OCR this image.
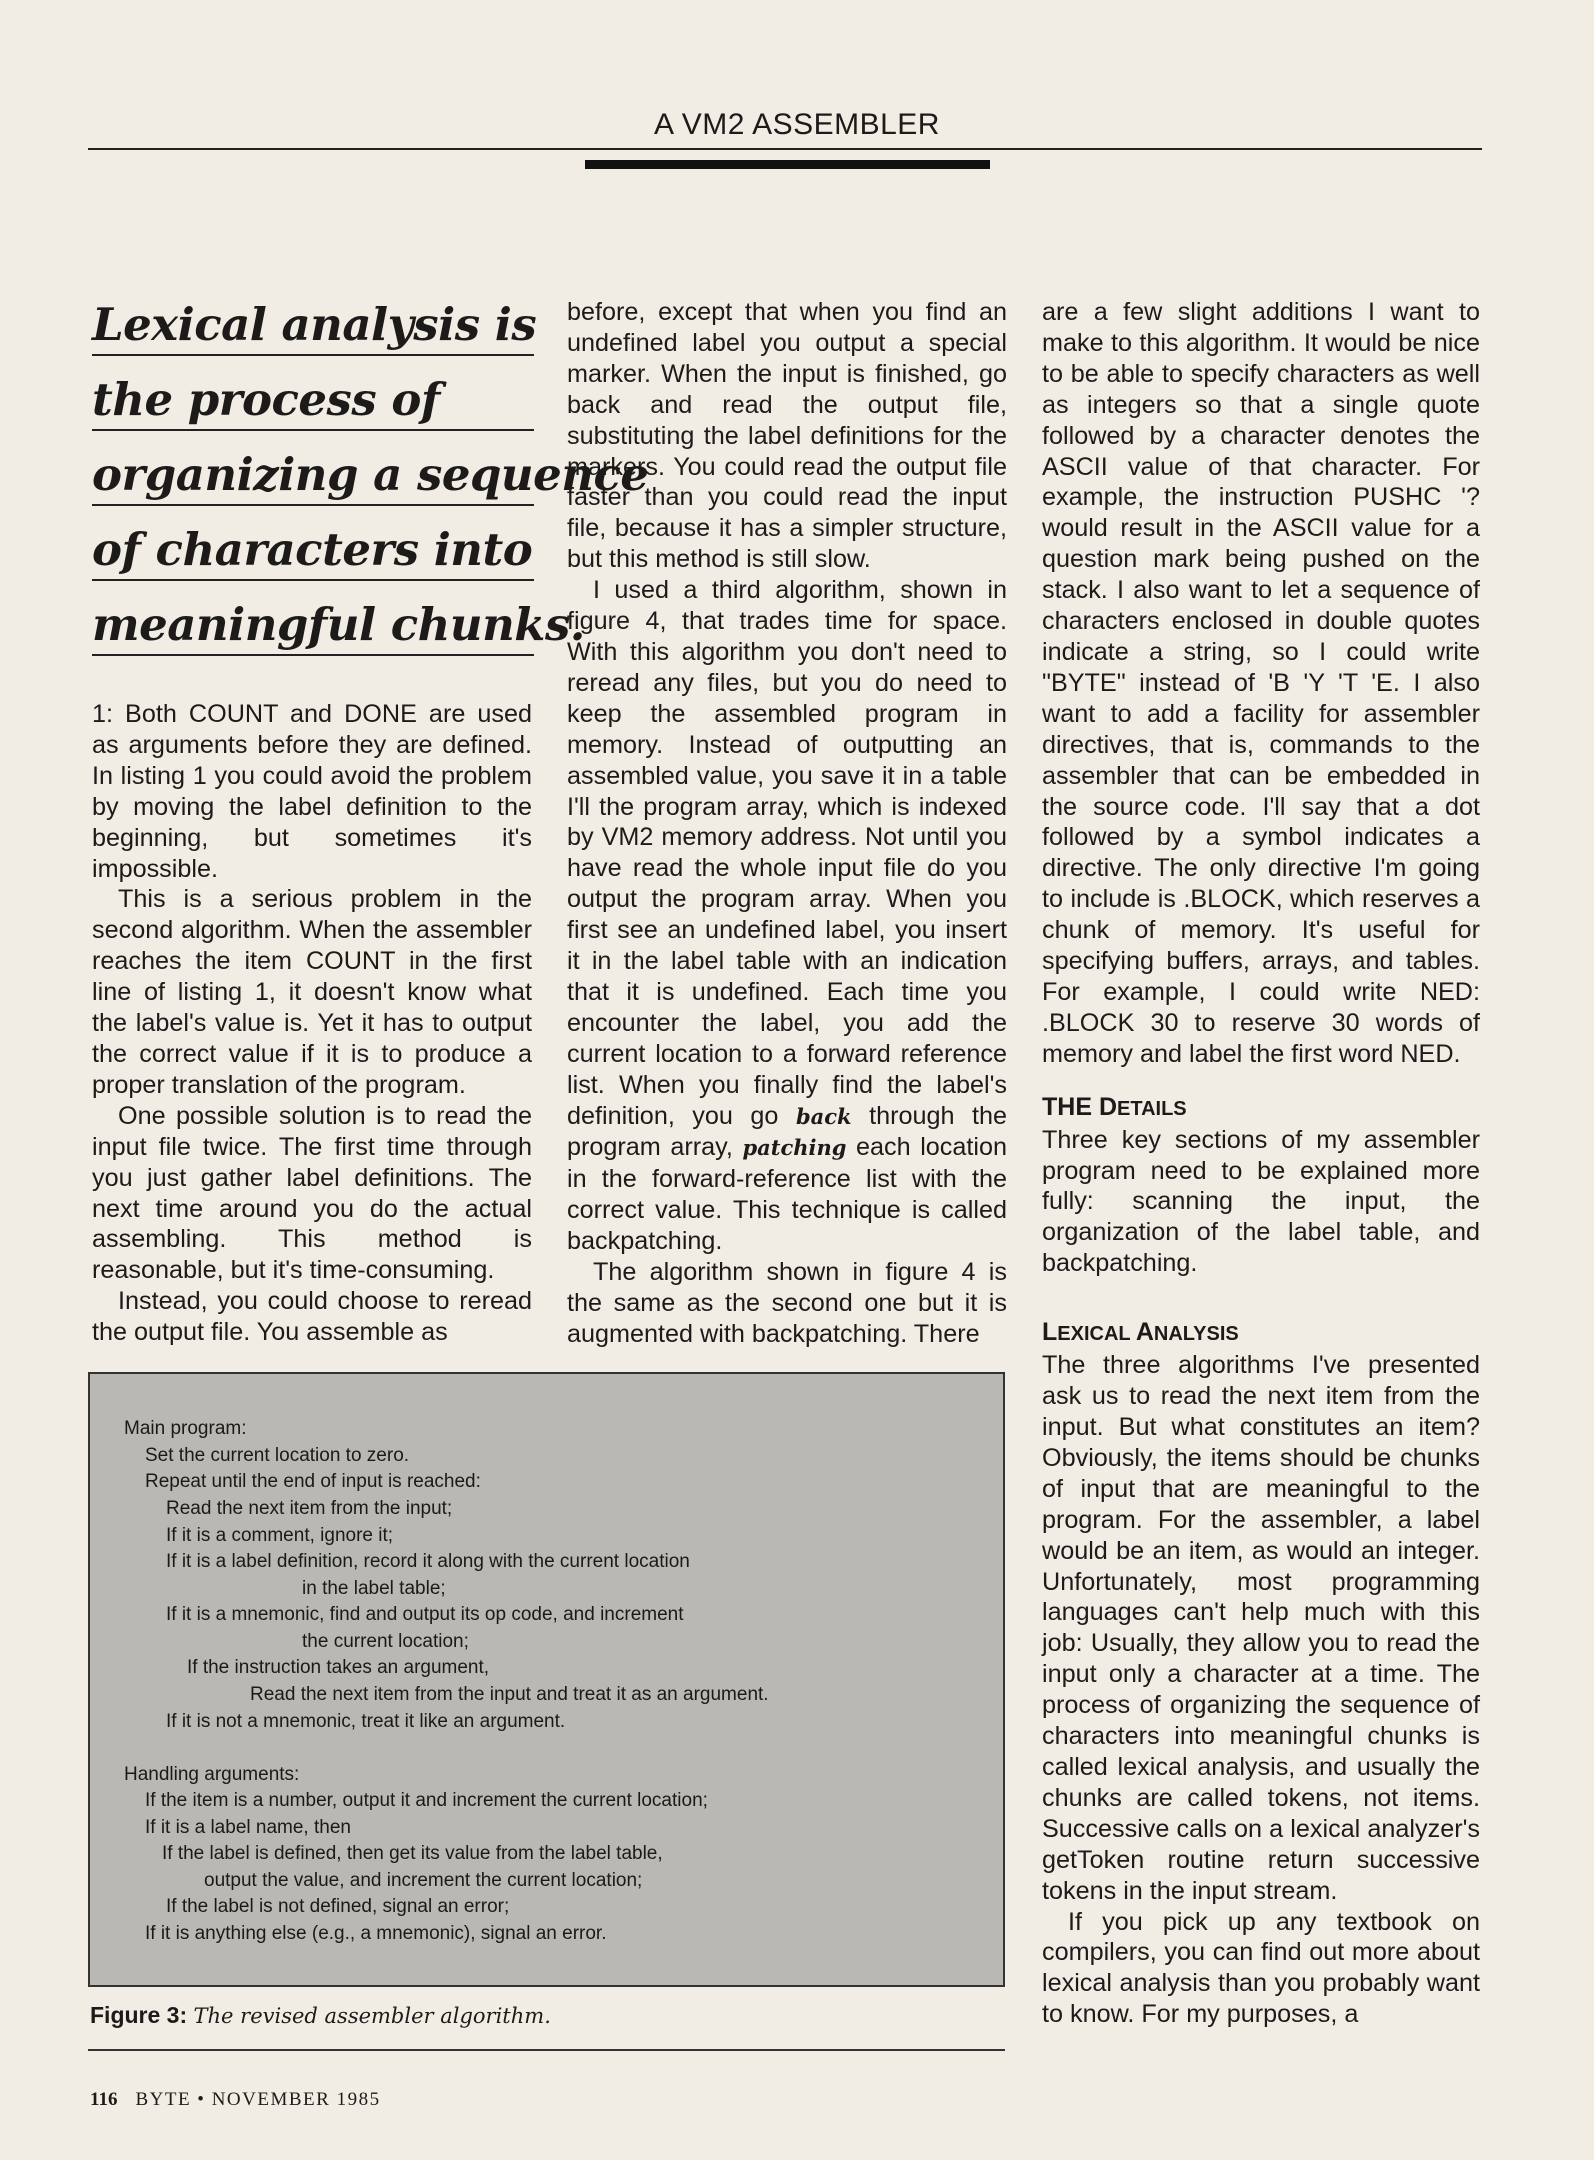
A VM2 ASSEMBLER
Lexical analysis is
the process of
organizing a sequence
of characters into
meaningful chunks.

1: Both COUNT and DONE are used as arguments before they are defined. In listing 1 you could avoid the problem by moving the label definition to the beginning, but sometimes it's impossible.

This is a serious problem in the second algorithm. When the assembler reaches the item COUNT in the first line of listing 1, it doesn't know what the label's value is. Yet it has to output the correct value if it is to produce a proper translation of the program.

One possible solution is to read the input file twice. The first time through you just gather label definitions. The next time around you do the actual assembling. This method is reasonable, but it's time-consuming.

Instead, you could choose to reread the output file. You assemble as

before, except that when you find an undefined label you output a special marker. When the input is finished, go back and read the output file, substituting the label definitions for the markers. You could read the output file faster than you could read the input file, because it has a simpler structure, but this method is still slow.

I used a third algorithm, shown in figure 4, that trades time for space. With this algorithm you don't need to reread any files, but you do need to keep the assembled program in memory. Instead of outputting an assembled value, you save it in a table I'll the program array, which is indexed by VM2 memory address. Not until you have read the whole input file do you output the program array. When you first see an undefined label, you insert it in the label table with an indication that it is undefined. Each time you encounter the label, you add the current location to a forward reference list. When you finally find the label's definition, you go back through the program array, patching each location in the forward-reference list with the correct value. This technique is called backpatching.

The algorithm shown in figure 4 is the same as the second one but it is augmented with backpatching. There

are a few slight additions I want to make to this algorithm. It would be nice to be able to specify characters as well as integers so that a single quote followed by a character denotes the ASCII value of that character. For example, the instruction PUSHC '? would result in the ASCII value for a question mark being pushed on the stack. I also want to let a sequence of characters enclosed in double quotes indicate a string, so I could write "BYTE" instead of 'B 'Y 'T 'E. I also want to add a facility for assembler directives, that is, commands to the assembler that can be embedded in the source code. I'll say that a dot followed by a symbol indicates a directive. The only directive I'm going to include is .BLOCK, which reserves a chunk of memory. It's useful for specifying buffers, arrays, and tables. For example, I could write NED: .BLOCK 30 to reserve 30 words of memory and label the first word NED.

THE DETAILS

Three key sections of my assembler program need to be explained more fully: scanning the input, the organization of the label table, and backpatching.

LEXICAL ANALYSIS

The three algorithms I've presented ask us to read the next item from the input. But what constitutes an item? Obviously, the items should be chunks of input that are meaningful to the program. For the assembler, a label would be an item, as would an integer. Unfortunately, most programming languages can't help much with this job: Usually, they allow you to read the input only a character at a time. The process of organizing the sequence of characters into meaningful chunks is called lexical analysis, and usually the chunks are called tokens, not items. Successive calls on a lexical analyzer's getToken routine return successive tokens in the input stream.

If you pick up any textbook on compilers, you can find out more about lexical analysis than you probably want to know. For my purposes, a

Main program:
Set the current location to zero.
Repeat until the end of input is reached:
Read the next item from the input;
If it is a comment, ignore it;
If it is a label definition, record it along with the current location
in the label table;
If it is a mnemonic, find and output its op code, and increment
the current location;
If the instruction takes an argument,
Read the next item from the input and treat it as an argument.
If it is not a mnemonic, treat it like an argument.
Handling arguments:
If the item is a number, output it and increment the current location;
If it is a label name, then
If the label is defined, then get its value from the label table,
output the value, and increment the current location;
If the label is not defined, signal an error;
If it is anything else (e.g., a mnemonic), signal an error.
Figure 3: The revised assembler algorithm.
116 BYTE • NOVEMBER 1985
